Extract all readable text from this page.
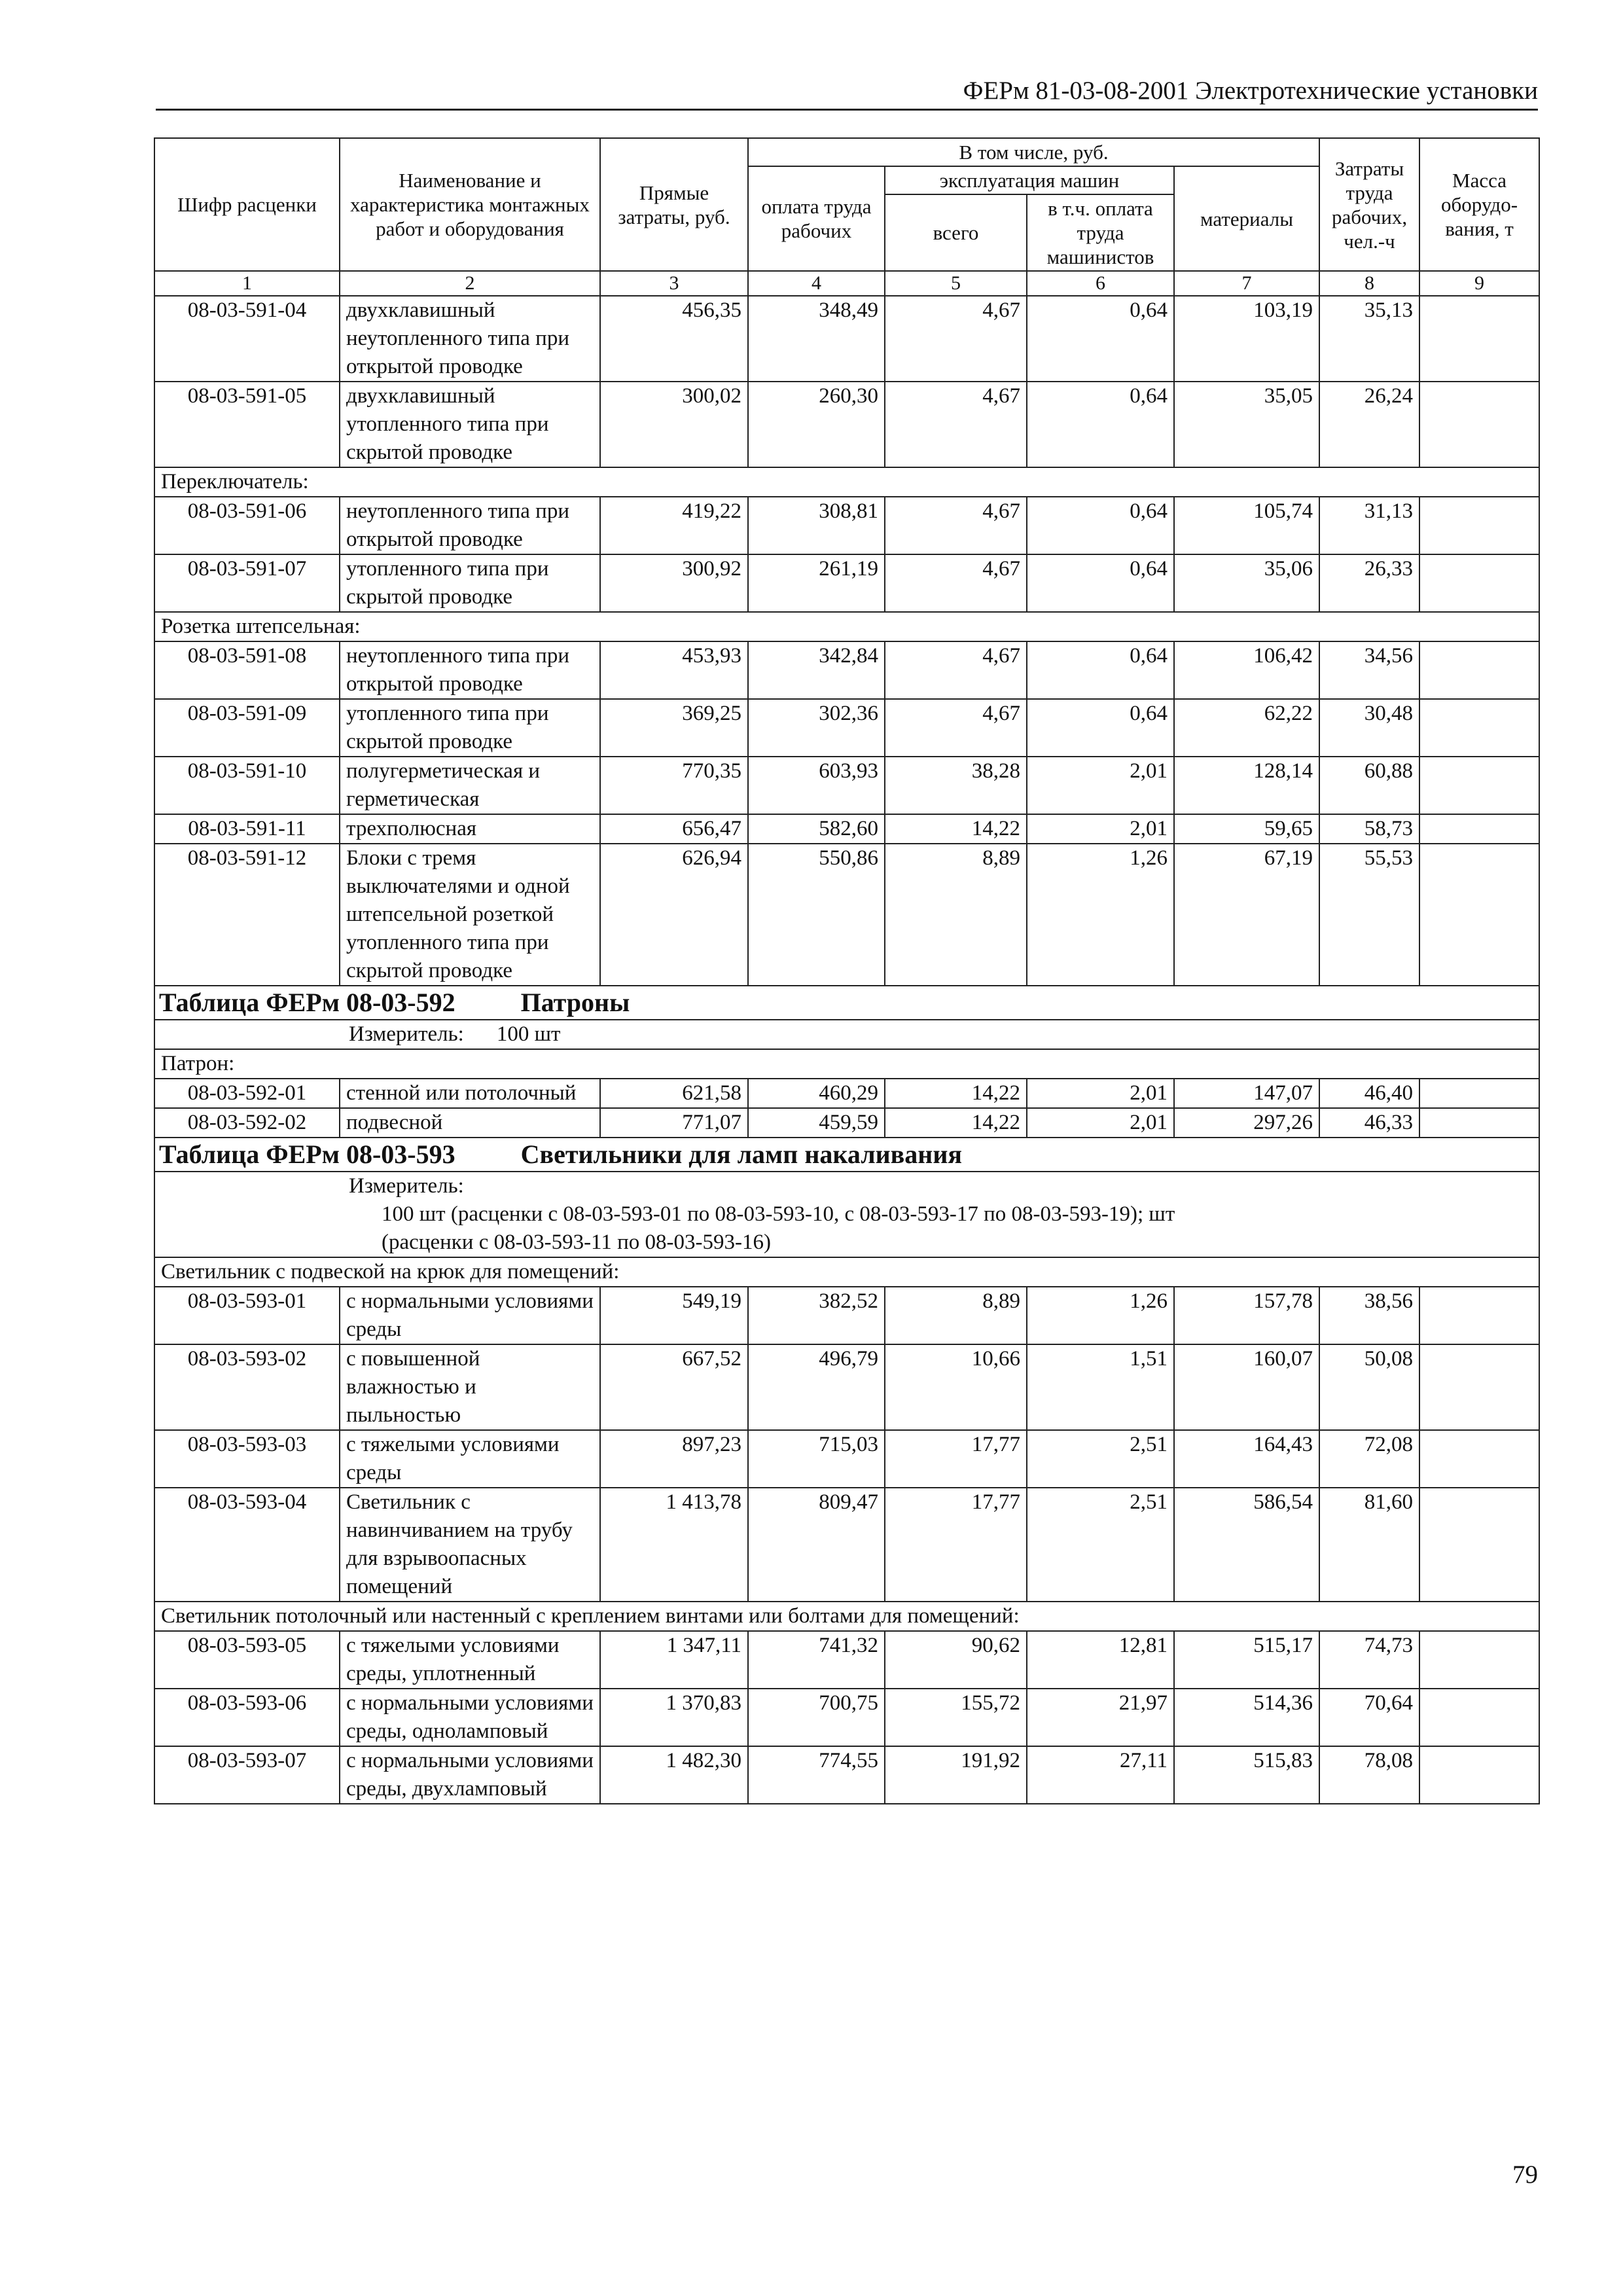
ФЕРм 81-03-08-2001 Электротехнические установки
Шифр расценки	Наименование и характеристика монтажных работ и оборудования	Прямые затраты, руб.	В том числе, руб.				Затраты труда рабочих, чел.-ч	Масса оборудо-вания, т
			оплата труда рабочих	эксплуатация машин		материалы		
				всего	в т.ч. оплата труда машинистов			
1	2	3	4	5	6	7	8	9
08-03-591-04	двухклавишный неутопленного типа при открытой проводке	456,35	348,49	4,67	0,64	103,19	35,13	
08-03-591-05	двухклавишный утопленного типа при скрытой проводке	300,02	260,30	4,67	0,64	35,05	26,24	
Переключатель:								
08-03-591-06	неутопленного типа при открытой проводке	419,22	308,81	4,67	0,64	105,74	31,13	
08-03-591-07	утопленного типа при скрытой проводке	300,92	261,19	4,67	0,64	35,06	26,33	
Розетка штепсельная:								
08-03-591-08	неутопленного типа при открытой проводке	453,93	342,84	4,67	0,64	106,42	34,56	
08-03-591-09	утопленного типа при скрытой проводке	369,25	302,36	4,67	0,64	62,22	30,48	
08-03-591-10	полугерметическая и герметическая	770,35	603,93	38,28	2,01	128,14	60,88	
08-03-591-11	трехполюсная	656,47	582,60	14,22	2,01	59,65	58,73	
08-03-591-12	Блоки с тремя выключателями и одной штепсельной розеткой утопленного типа при скрытой проводке	626,94	550,86	8,89	1,26	67,19	55,53	
Таблица ФЕРм 08-03-592 Патроны								
Измеритель: 100 шт								
Патрон:								
08-03-592-01	стенной или потолочный	621,58	460,29	14,22	2,01	147,07	46,40	
08-03-592-02	подвесной	771,07	459,59	14,22	2,01	297,26	46,33	
Таблица ФЕРм 08-03-593 Светильники для ламп накаливания								
Измеритель:100 шт (расценки с 08-03-593-01 по 08-03-593-10, с 08-03-593-17 по 08-03-593-19); шт
(расценки с 08-03-593-11 по 08-03-593-16)								
Светильник с подвеской на крюк для помещений:								
08-03-593-01	с нормальными условиями среды	549,19	382,52	8,89	1,26	157,78	38,56	
08-03-593-02	с повышенной влажностью и пыльностью	667,52	496,79	10,66	1,51	160,07	50,08	
08-03-593-03	с тяжелыми условиями среды	897,23	715,03	17,77	2,51	164,43	72,08	
08-03-593-04	Светильник с навинчиванием на трубу для взрывоопасных помещений	1 413,78	809,47	17,77	2,51	586,54	81,60	
Светильник потолочный или настенный с креплением винтами или болтами для помещений:								
08-03-593-05	с тяжелыми условиями среды, уплотненный	1 347,11	741,32	90,62	12,81	515,17	74,73	
08-03-593-06	с нормальными условиями среды, одноламповый	1 370,83	700,75	155,72	21,97	514,36	70,64	
08-03-593-07	с нормальными условиями среды, двухламповый	1 482,30	774,55	191,92	27,11	515,83	78,08	
79
